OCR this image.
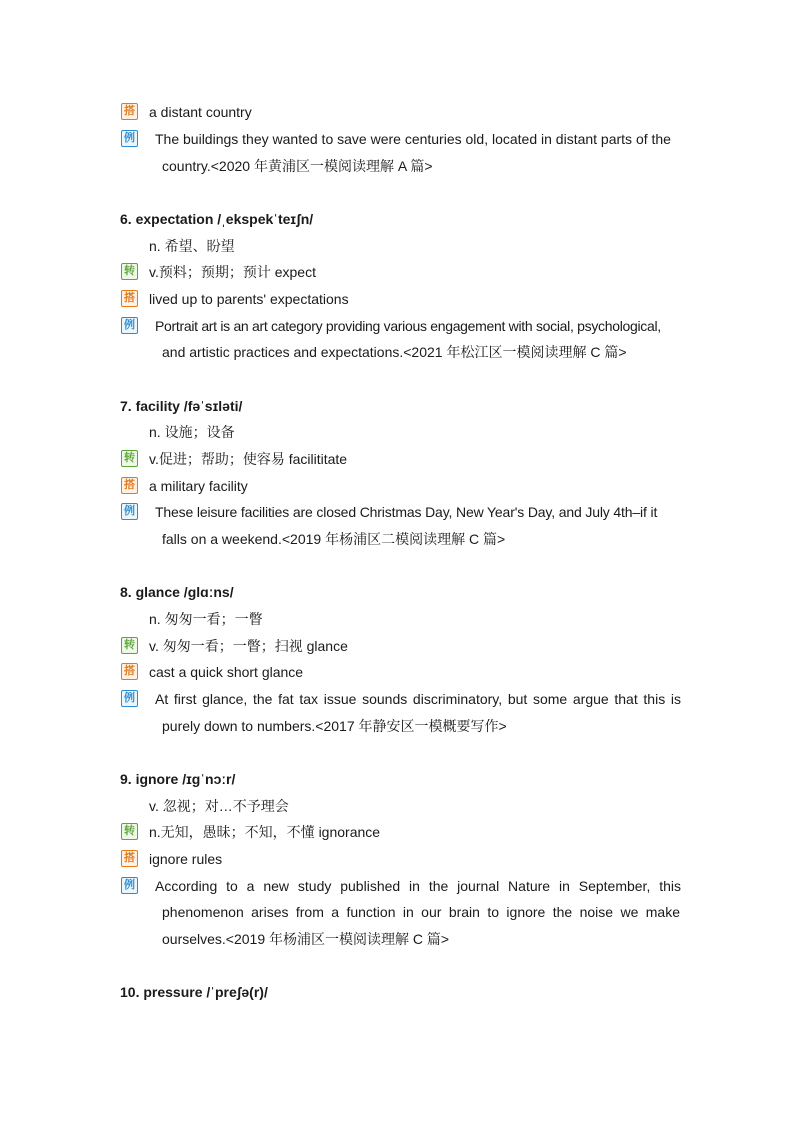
搭 a distant country
例 The buildings they wanted to save were centuries old, located in distant parts of the
country.<2020 年黄浦区一模阅读理解 A 篇>
6. expectation /ˌekspekˈteɪʃn/
n. 希望、盼望
转 v.预料；预期；预计 expect
搭 lived up to parents' expectations
例 Portrait art is an art category providing various engagement with social, psychological,
and artistic practices and expectations.<2021 年松江区一模阅读理解 C 篇>
7. facility /fəˈsɪləti/
n. 设施；设备
转 v.促进；帮助；使容易 facilititate
搭 a military facility
例 These leisure facilities are closed Christmas Day, New Year's Day, and July 4th–if it
falls on a weekend.<2019 年杨浦区二模阅读理解 C 篇>
8. glance /glɑːns/
n. 匆匆一看；一瞥
转 v. 匆匆一看；一瞥；扫视 glance
搭 cast a quick short glance
例 At first glance, the fat tax issue sounds discriminatory, but some argue that this is
purely down to numbers.<2017 年静安区一模概要写作>
9. ignore /ɪgˈnɔːr/
v. 忽视；对…不予理会
转 n.无知，愚昧；不知，不懂 ignorance
搭 ignore rules
例 According to a new study published in the journal Nature in September, this
phenomenon arises from a function in our brain to ignore the noise we make
ourselves.<2019 年杨浦区一模阅读理解 C 篇>
10. pressure /ˈpreʃə(r)/
